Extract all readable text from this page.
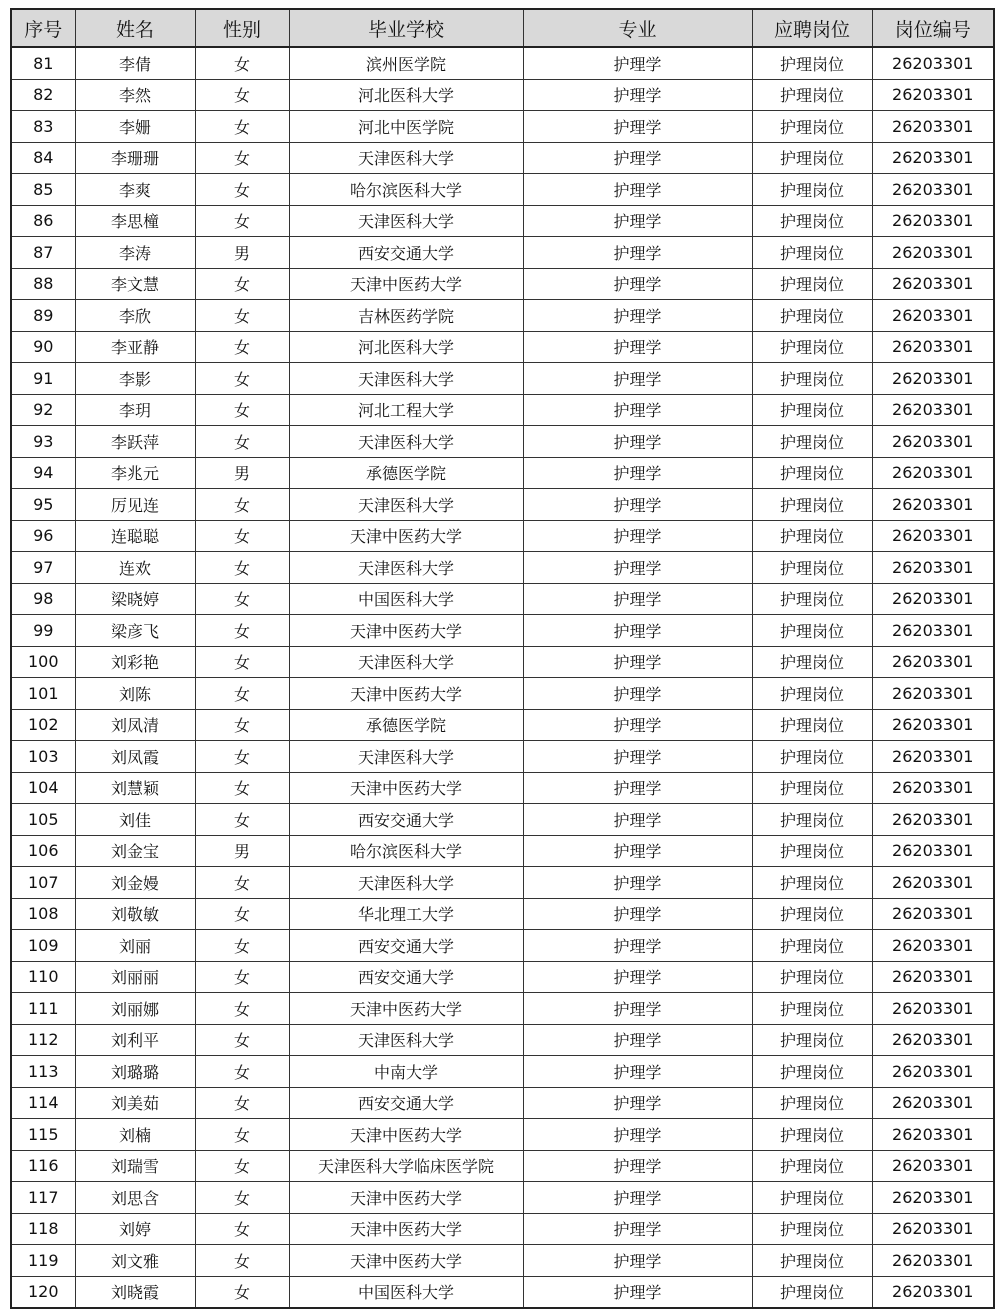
序号	姓名	性别	毕业学校	专业	应聘岗位	岗位编号
81	李倩	女	滨州医学院	护理学	护理岗位	26203301
82	李然	女	河北医科大学	护理学	护理岗位	26203301
83	李姗	女	河北中医学院	护理学	护理岗位	26203301
84	李珊珊	女	天津医科大学	护理学	护理岗位	26203301
85	李爽	女	哈尔滨医科大学	护理学	护理岗位	26203301
86	李思橦	女	天津医科大学	护理学	护理岗位	26203301
87	李涛	男	西安交通大学	护理学	护理岗位	26203301
88	李文慧	女	天津中医药大学	护理学	护理岗位	26203301
89	李欣	女	吉林医药学院	护理学	护理岗位	26203301
90	李亚静	女	河北医科大学	护理学	护理岗位	26203301
91	李影	女	天津医科大学	护理学	护理岗位	26203301
92	李玥	女	河北工程大学	护理学	护理岗位	26203301
93	李跃萍	女	天津医科大学	护理学	护理岗位	26203301
94	李兆元	男	承德医学院	护理学	护理岗位	26203301
95	厉见连	女	天津医科大学	护理学	护理岗位	26203301
96	连聪聪	女	天津中医药大学	护理学	护理岗位	26203301
97	连欢	女	天津医科大学	护理学	护理岗位	26203301
98	梁晓婷	女	中国医科大学	护理学	护理岗位	26203301
99	梁彦飞	女	天津中医药大学	护理学	护理岗位	26203301
100	刘彩艳	女	天津医科大学	护理学	护理岗位	26203301
101	刘陈	女	天津中医药大学	护理学	护理岗位	26203301
102	刘凤清	女	承德医学院	护理学	护理岗位	26203301
103	刘凤霞	女	天津医科大学	护理学	护理岗位	26203301
104	刘慧颖	女	天津中医药大学	护理学	护理岗位	26203301
105	刘佳	女	西安交通大学	护理学	护理岗位	26203301
106	刘金宝	男	哈尔滨医科大学	护理学	护理岗位	26203301
107	刘金嫚	女	天津医科大学	护理学	护理岗位	26203301
108	刘敬敏	女	华北理工大学	护理学	护理岗位	26203301
109	刘丽	女	西安交通大学	护理学	护理岗位	26203301
110	刘丽丽	女	西安交通大学	护理学	护理岗位	26203301
111	刘丽娜	女	天津中医药大学	护理学	护理岗位	26203301
112	刘利平	女	天津医科大学	护理学	护理岗位	26203301
113	刘璐璐	女	中南大学	护理学	护理岗位	26203301
114	刘美茹	女	西安交通大学	护理学	护理岗位	26203301
115	刘楠	女	天津中医药大学	护理学	护理岗位	26203301
116	刘瑞雪	女	天津医科大学临床医学院	护理学	护理岗位	26203301
117	刘思含	女	天津中医药大学	护理学	护理岗位	26203301
118	刘婷	女	天津中医药大学	护理学	护理岗位	26203301
119	刘文雅	女	天津中医药大学	护理学	护理岗位	26203301
120	刘晓霞	女	中国医科大学	护理学	护理岗位	26203301
